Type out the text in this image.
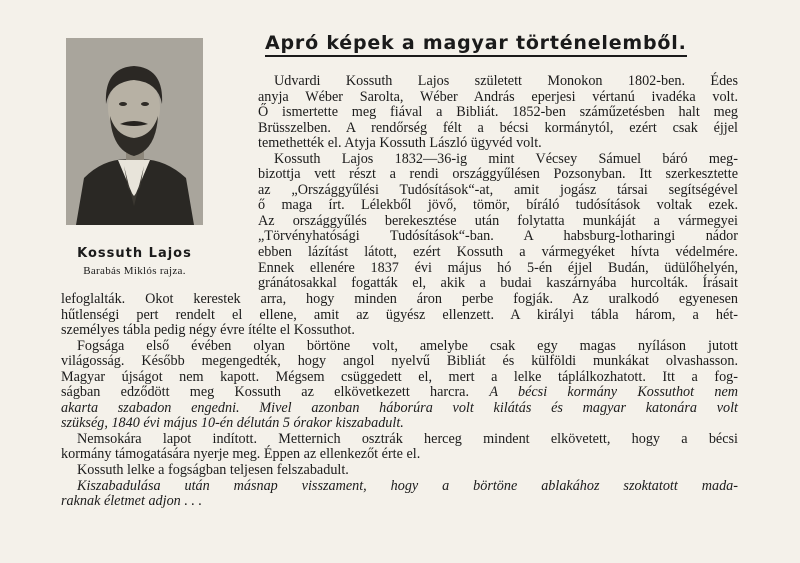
Kossuth Lajos
Barabás Miklós rajza.
Apró képek a magyar történelemből.
Udvardi Kossuth Lajos született Monokon 1802-ben. Édes
anyja Wéber Sarolta, Wéber András eperjesi vértanú ivadéka volt.
Ő ismertette meg fiával a Bibliát. 1852-ben száműzetésben halt meg
Brüsszelben. A rendőrség félt a bécsi kormánytól, ezért csak éjjel
temethették el. Atyja Kossuth László ügyvéd volt.
Kossuth Lajos 1832—36-ig mint Vécsey Sámuel báró meg-
bizottja vett részt a rendi országgyűlésen Pozsonyban. Itt szerkesztette
az „Országgyűlési Tudósítások“-at, amit jogász társai segítségével
ő maga írt. Lélekből jövő, tömör, bíráló tudósítások voltak ezek.
Az országgyűlés berekesztése után folytatta munkáját a vármegyei
„Törvényhatósági Tudósítások“-ban. A habsburg-lotharingi nádor
ebben lázítást látott, ezért Kossuth a vármegyéket hívta védelmére.
Ennek ellenére 1837 évi május hó 5-én éjjel Budán, üdülőhelyén,
gránátosakkal fogatták el, akik a budai kaszárnyába hurcolták. Írásait
lefoglalták. Okot kerestek arra, hogy minden áron perbe fogják. Az uralkodó egyenesen
hűtlenségi pert rendelt el ellene, amit az ügyész ellenzett. A királyi tábla három, a hét-
személyes tábla pedig négy évre ítélte el Kossuthot.
Fogsága első évében olyan börtöne volt, amelybe csak egy magas nyíláson jutott
világosság. Később megengedték, hogy angol nyelvű Bibliát és külföldi munkákat olvashasson.
Magyar újságot nem kapott. Mégsem csüggedett el, mert a lelke táplálkozhatott. Itt a fog-
ságban edződött meg Kossuth az elkövetkezett harcra. A bécsi kormány Kossuthot nem
akarta szabadon engedni. Mivel azonban háborúra volt kilátás és magyar katonára volt
szükség, 1840 évi május 10-én délután 5 órakor kiszabadult.
Nemsokára lapot indított. Metternich osztrák herceg mindent elkövetett, hogy a bécsi
kormány támogatására nyerje meg. Éppen az ellenkezőt érte el.
Kossuth lelke a fogságban teljesen felszabadult.
Kiszabadulása után másnap visszament, hogy a börtöne ablakához szoktatott mada-
raknak életmet adjon . . .
